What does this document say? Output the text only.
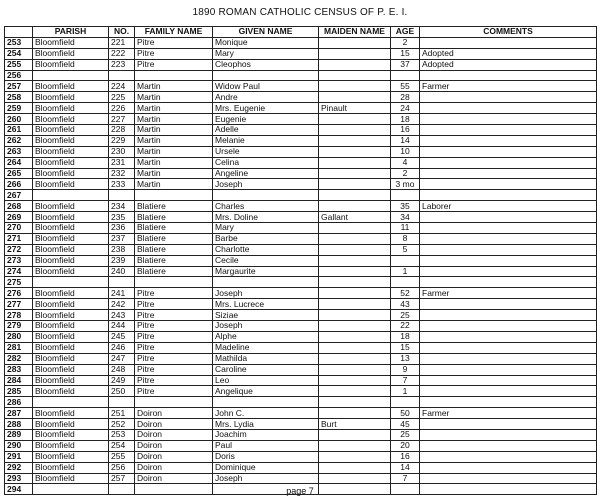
1890 ROMAN CATHOLIC CENSUS OF P. E. I.
	PARISH	NO.	FAMILY NAME	GIVEN NAME	MAIDEN NAME	AGE	COMMENTS
253	Bloomfield	221	Pitre	Monique		2	
254	Bloomfield	222	Pitre	Mary		15	Adopted
255	Bloomfield	223	Pitre	Cleophos		37	Adopted
256							
257	Bloomfield	224	Martin	Widow Paul		55	Farmer
258	Bloomfield	225	Martin	Andre		28	
259	Bloomfield	226	Martin	Mrs. Eugenie	Pinault	24	
260	Bloomfield	227	Martin	Eugenie		18	
261	Bloomfield	228	Martin	Adelle		16	
262	Bloomfield	229	Martin	Melanie		14	
263	Bloomfield	230	Martin	Ursele		10	
264	Bloomfield	231	Martin	Celina		4	
265	Bloomfield	232	Martin	Angeline		2	
266	Bloomfield	233	Martin	Joseph		3 mo	
267							
268	Bloomfield	234	Blatiere	Charles		35	Laborer
269	Bloomfield	235	Blatiere	Mrs. Doline	Gallant	34	
270	Bloomfield	236	Blatiere	Mary		11	
271	Bloomfield	237	Blatiere	Barbe		8	
272	Bloomfield	238	Blatiere	Charlotte		5	
273	Bloomfield	239	Blatiere	Cecile			
274	Bloomfield	240	Blatiere	Margaurite		1	
275							
276	Bloomfield	241	Pitre	Joseph		52	Farmer
277	Bloomfield	242	Pitre	Mrs. Lucrece		43	
278	Bloomfield	243	Pitre	Siziae		25	
279	Bloomfield	244	Pitre	Joseph		22	
280	Bloomfield	245	Pitre	Alphe		18	
281	Bloomfield	246	Pitre	Madeline		15	
282	Bloomfield	247	Pitre	Mathilda		13	
283	Bloomfield	248	Pitre	Caroline		9	
284	Bloomfield	249	Pitre	Leo		7	
285	Bloomfield	250	Pitre	Angelique		1	
286							
287	Bloomfield	251	Doiron	John C.		50	Farmer
288	Bloomfield	252	Doiron	Mrs. Lydia	Burt	45	
289	Bloomfield	253	Doiron	Joachim		25	
290	Bloomfield	254	Doiron	Paul		20	
291	Bloomfield	255	Doiron	Doris		16	
292	Bloomfield	256	Doiron	Dominique		14	
293	Bloomfield	257	Doiron	Joseph		7	
294								page 7
